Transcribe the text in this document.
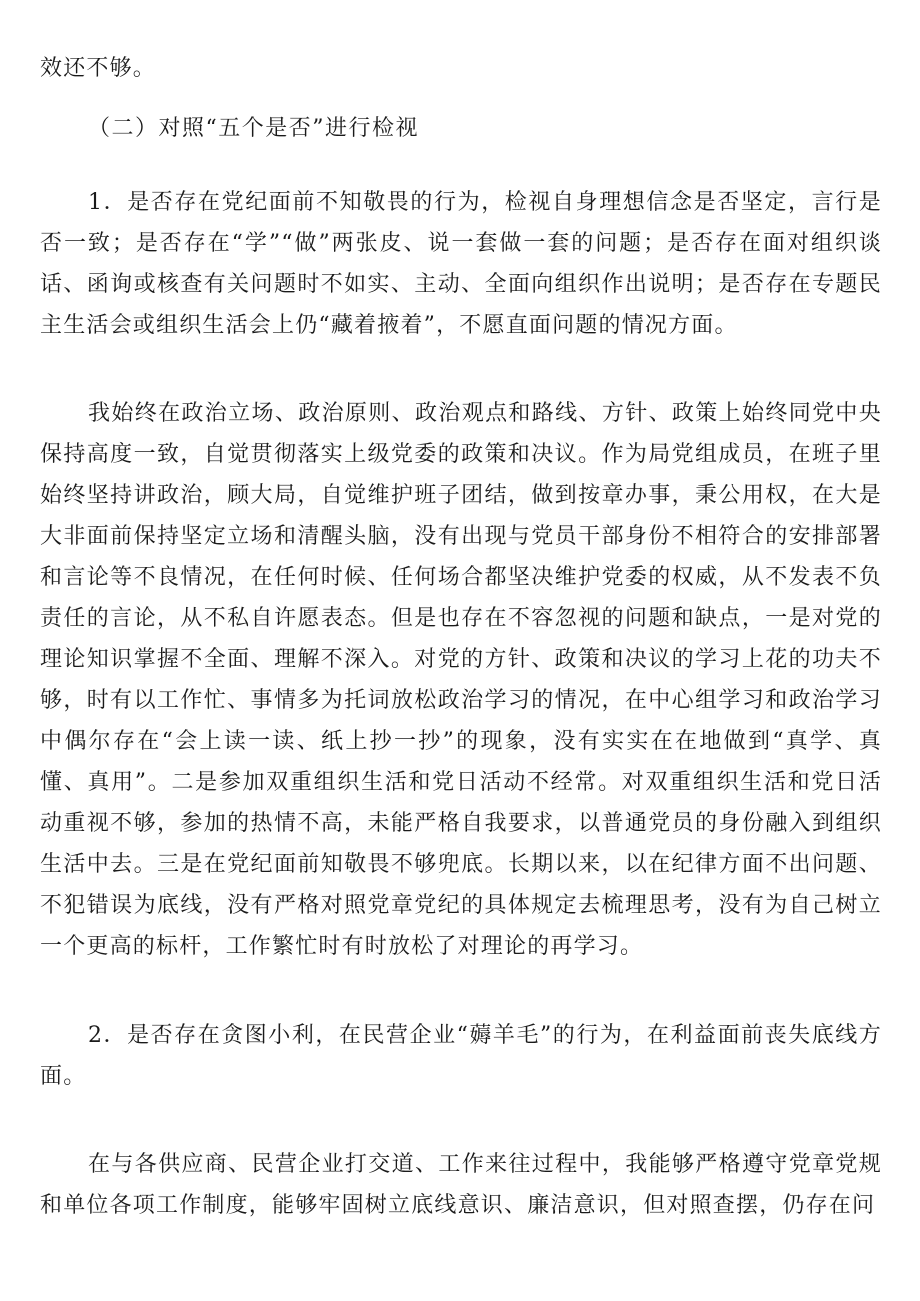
效还不够。

（二）对照“五个是否”进行检视

1．是否存在党纪面前不知敬畏的行为，检视自身理想信念是否坚定，言行是否一致；是否存在“学”“做”两张皮、说一套做一套的问题；是否存在面对组织谈话、函询或核查有关问题时不如实、主动、全面向组织作出说明；是否存在专题民主生活会或组织生活会上仍“藏着掖着”，不愿直面问题的情况方面。

我始终在政治立场、政治原则、政治观点和路线、方针、政策上始终同党中央保持高度一致，自觉贯彻落实上级党委的政策和决议。作为局党组成员，在班子里始终坚持讲政治，顾大局，自觉维护班子团结，做到按章办事，秉公用权，在大是大非面前保持坚定立场和清醒头脑，没有出现与党员干部身份不相符合的安排部署和言论等不良情况，在任何时候、任何场合都坚决维护党委的权威，从不发表不负责任的言论，从不私自许愿表态。但是也存在不容忽视的问题和缺点，一是对党的理论知识掌握不全面、理解不深入。对党的方针、政策和决议的学习上花的功夫不够，时有以工作忙、事情多为托词放松政治学习的情况，在中心组学习和政治学习中偶尔存在“会上读一读、纸上抄一抄”的现象，没有实实在在地做到“真学、真懂、真用”。二是参加双重组织生活和党日活动不经常。对双重组织生活和党日活动重视不够，参加的热情不高，未能严格自我要求，以普通党员的身份融入到组织生活中去。三是在党纪面前知敬畏不够兜底。长期以来，以在纪律方面不出问题、不犯错误为底线，没有严格对照党章党纪的具体规定去梳理思考，没有为自己树立一个更高的标杆，工作繁忙时有时放松了对理论的再学习。

2．是否存在贪图小利，在民营企业“薅羊毛”的行为，在利益面前丧失底线方面。

在与各供应商、民营企业打交道、工作来往过程中，我能够严格遵守党章党规和单位各项工作制度，能够牢固树立底线意识、廉洁意识，但对照查摆，仍存在问
